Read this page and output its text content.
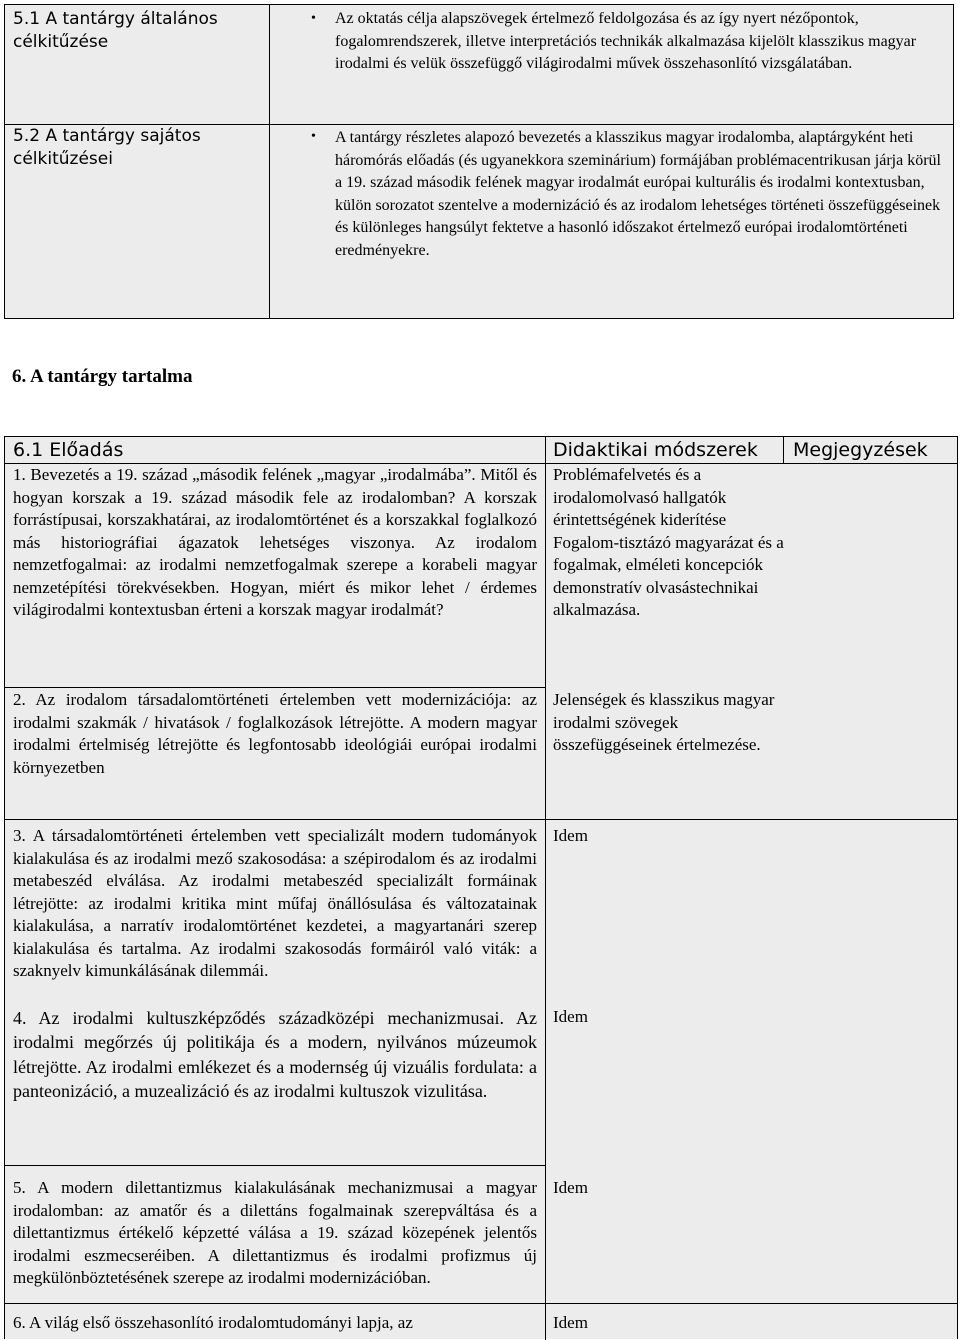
5.1 A tantárgy általános célkitűzése
• Az oktatás célja alapszövegek értelmező feldolgozása és az így nyert nézőpontok, fogalomrendszerek, illetve interpretációs technikák alkalmazása kijelölt klasszikus magyar irodalmi és velük összefüggő világirodalmi művek összehasonlító vizsgálatában.
5.2 A tantárgy sajátos célkitűzései
• A tantárgy részletes alapozó bevezetés a klasszikus magyar irodalomba, alaptárgyként heti háromórás előadás (és ugyanekkora szeminárium) formájában problémacentrikusan járja körül a 19. század második felének magyar irodalmát európai kulturális és irodalmi kontextusban, külön sorozatot szentelve a modernizáció és az irodalom lehetséges történeti összefüggéseinek és különleges hangsúlyt fektetve a hasonló időszakot értelmező európai irodalomtörténeti eredményekre.
6. A tantárgy tartalma
6.1 Előadás	Didaktikai módszerek Megjegyzések
1. Bevezetés a 19. század „második felének „magyar „irodalmába”. Mitől és hogyan korszak a 19. század második fele az irodalomban? A korszak forrástípusai, korszakhatárai, az irodalomtörténet és a korszakkal foglalkozó más historiográfiai ágazatok lehetséges viszonya. Az irodalom nemzetfogalmai: az irodalmi nemzetfogalmak szerepe a korabeli magyar nemzetépítési törekvésekben. Hogyan, miért és mikor lehet / érdemes világirodalmi kontextusban érteni a korszak magyar irodalmát?
Problémafelvetés és a irodalomolvasó hallgatók érintettségének kiderítése Fogalom-tisztázó magyarázat és a fogalmak, elméleti koncepciók demonstratív olvasástechnikai alkalmazása.
2. Az irodalom társadalomtörténeti értelemben vett modernizációja: az irodalmi szakmák / hivatások / foglalkozások létrejötte. A modern magyar irodalmi értelmiség létrejötte és legfontosabb ideológiái európai irodalmi környezetben
Jelenségek és klasszikus magyar irodalmi szövegek összefüggéseinek értelmezése.
3. A társadalomtörténeti értelemben vett specializált modern tudományok kialakulása és az irodalmi mező szakosodása: a szépirodalom és az irodalmi metabeszéd elválása. Az irodalmi metabeszéd specializált formáinak létrejötte: az irodalmi kritika mint műfaj önállósulása és változatainak kialakulása, a narratív irodalomtörténet kezdetei, a magyartanári szerep kialakulása és tartalma. Az irodalmi szakosodás formáiról való viták: a szaknyelv kimunkálásának dilemmái.
Idem
4. Az irodalmi kultuszképződés századközépi mechanizmusai. Az irodalmi megőrzés új politikája és a modern, nyilvános múzeumok létrejötte. Az irodalmi emlékezet és a modernség új vizuális fordulata: a panteonizáció, a muzealizáció és az irodalmi kultuszok vizulitása.
Idem
5. A modern dilettantizmus kialakulásának mechanizmusai a magyar irodalomban: az amatőr és a dilettáns fogalmainak szerepváltása és a dilettantizmus értékelő képzetté válása a 19. század közepének jelentős irodalmi eszmecseréiben. A dilettantizmus és irodalmi profizmus új megkülönböztetésének szerepe az irodalmi modernizációban.
Idem
6. A világ első összehasonlító irodalomtudományi lapja, az	Idem
